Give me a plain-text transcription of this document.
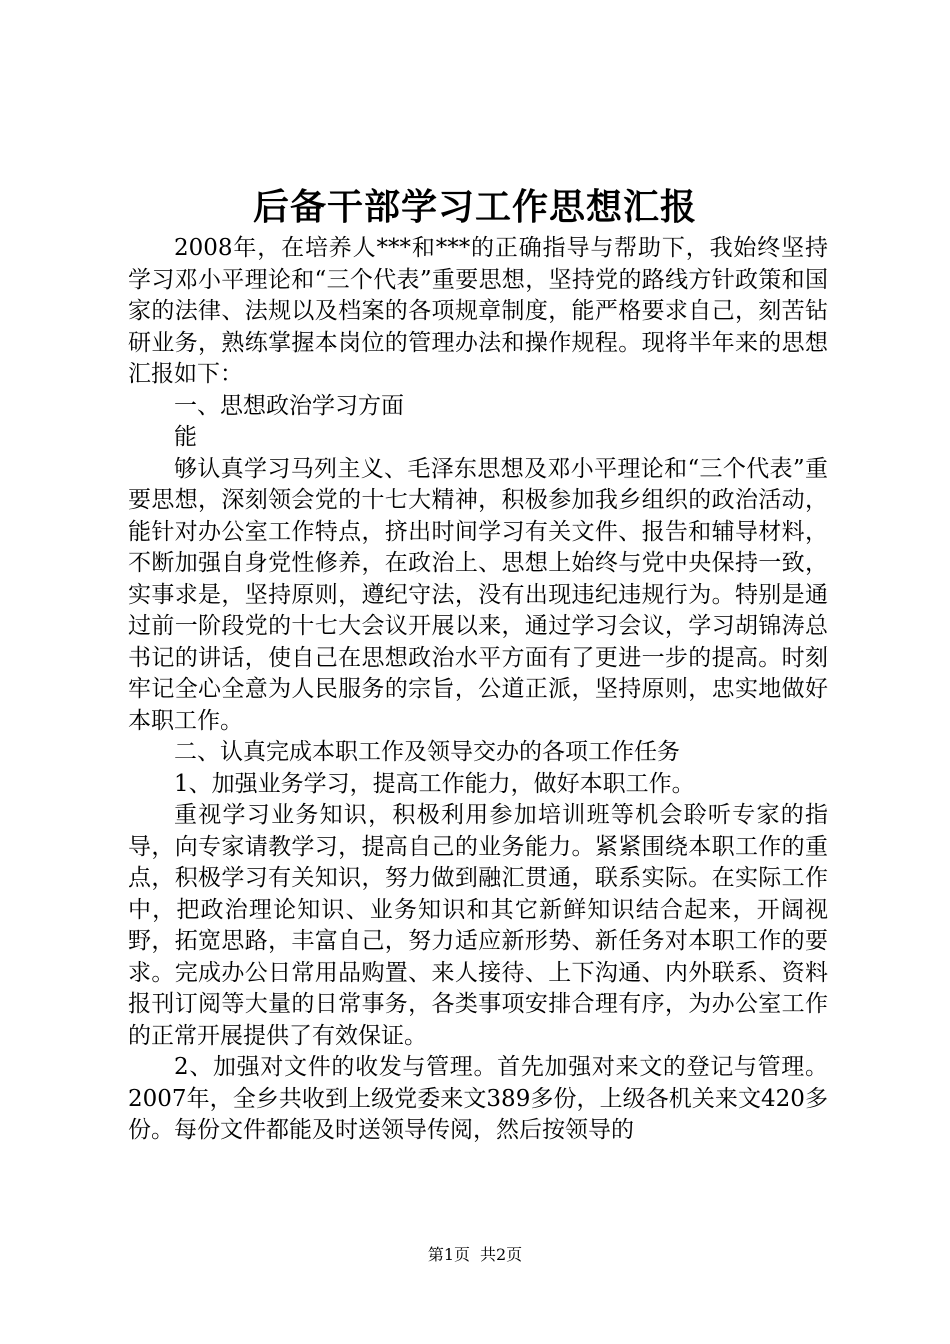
后备干部学习工作思想汇报

2008年，在培养人***和***的正确指导与帮助下，我始终坚持学习邓小平理论和“三个代表”重要思想，坚持党的路线方针政策和国家的法律、法规以及档案的各项规章制度，能严格要求自己，刻苦钻研业务，熟练掌握本岗位的管理办法和操作规程。现将半年来的思想汇报如下：

一、思想政治学习方面

能

够认真学习马列主义、毛泽东思想及邓小平理论和“三个代表”重要思想，深刻领会党的十七大精神，积极参加我乡组织的政治活动，能针对办公室工作特点，挤出时间学习有关文件、报告和辅导材料，不断加强自身党性修养，在政治上、思想上始终与党中央保持一致，实事求是，坚持原则，遵纪守法，没有出现违纪违规行为。特别是通过前一阶段党的十七大会议开展以来，通过学习会议，学习胡锦涛总书记的讲话，使自己在思想政治水平方面有了更进一步的提高。时刻牢记全心全意为人民服务的宗旨，公道正派，坚持原则，忠实地做好本职工作。

二、认真完成本职工作及领导交办的各项工作任务

1、加强业务学习，提高工作能力，做好本职工作。

重视学习业务知识，积极利用参加培训班等机会聆听专家的指导，向专家请教学习，提高自己的业务能力。紧紧围绕本职工作的重点，积极学习有关知识，努力做到融汇贯通，联系实际。在实际工作中，把政治理论知识、业务知识和其它新鲜知识结合起来，开阔视野，拓宽思路，丰富自己，努力适应新形势、新任务对本职工作的要求。完成办公日常用品购置、来人接待、上下沟通、内外联系、资料报刊订阅等大量的日常事务，各类事项安排合理有序，为办公室工作的正常开展提供了有效保证。

2、加强对文件的收发与管理。首先加强对来文的登记与管理。2007年，全乡共收到上级党委来文389多份，上级各机关来文420多份。每份文件都能及时送领导传阅，然后按领导的

第1页 共2页
